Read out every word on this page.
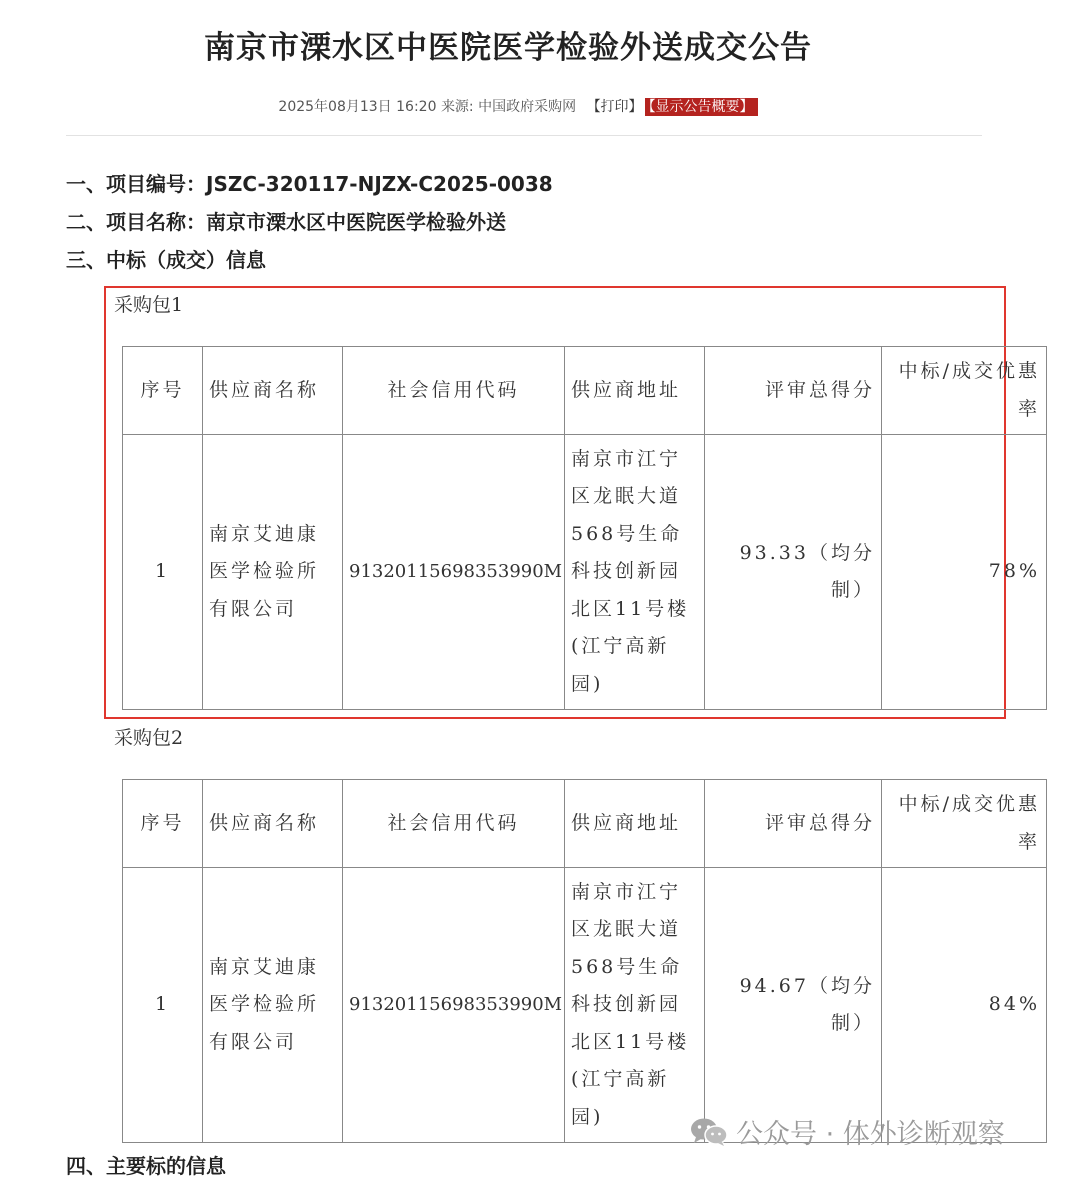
南京市溧水区中医院医学检验外送成交公告
2025年08月13日 16:20 来源: 中国政府采购网 【打印】 【显示公告概要】
一、项目编号：JSZC-320117-NJZX-C2025-0038
二、项目名称：南京市溧水区中医院医学检验外送
三、中标（成交）信息
采购包1
序号	供应商名称	社会信用代码	供应商地址	评审总得分	中标/成交优惠率
1	南京艾迪康医学检验所有限公司	91320115698353990M	南京市江宁区龙眠大道568号生命科技创新园北区11号楼(江宁高新园)	93.33（均分制）	78%
采购包2
序号	供应商名称	社会信用代码	供应商地址	评审总得分	中标/成交优惠率
1	南京艾迪康医学检验所有限公司	91320115698353990M	南京市江宁区龙眠大道568号生命科技创新园北区11号楼(江宁高新园)	94.67（均分制）	84%
四、主要标的信息
公众号 · 体外诊断观察
